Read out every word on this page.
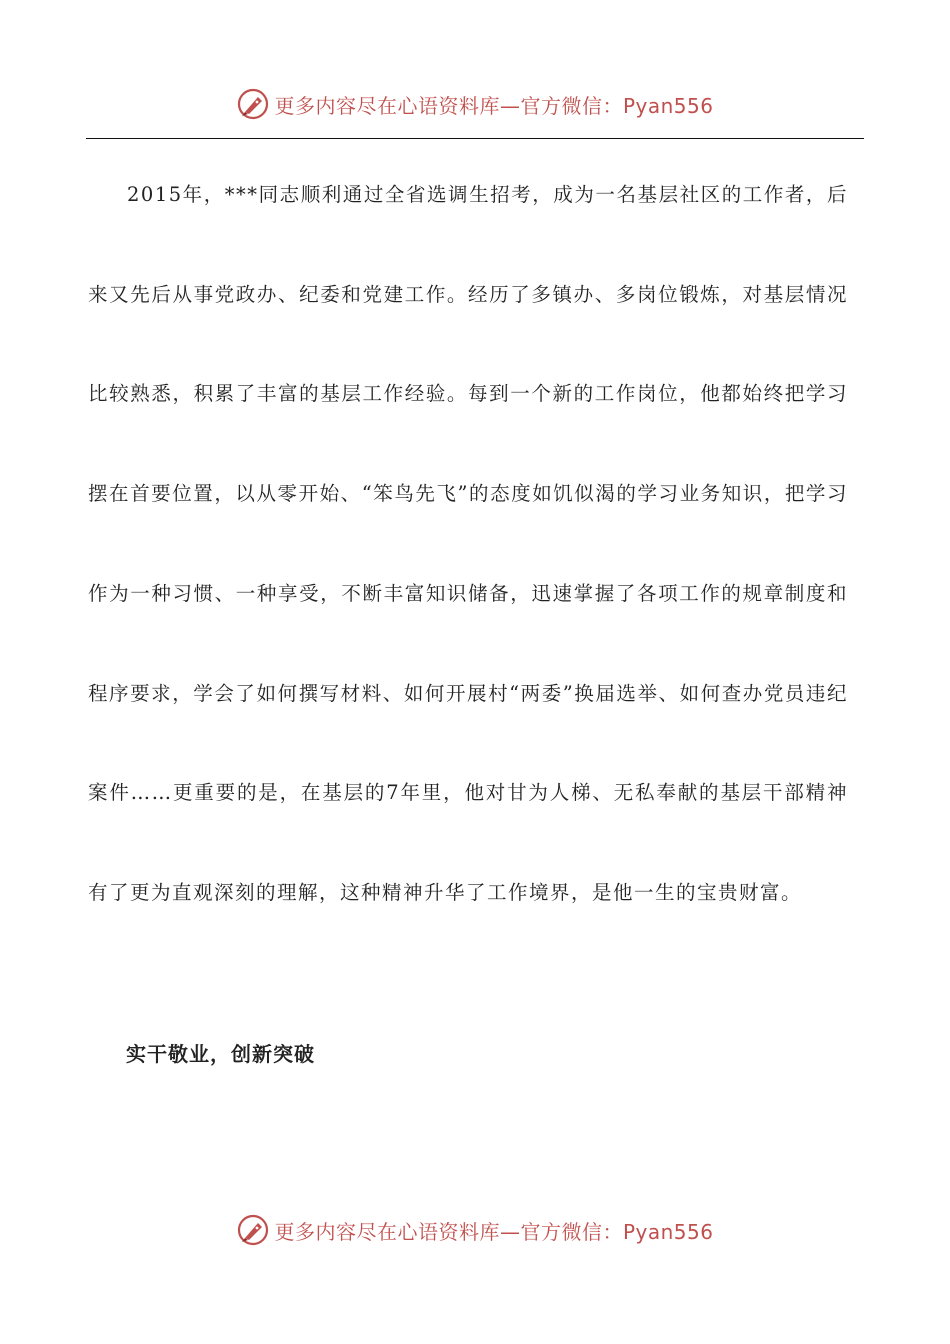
更多内容尽在心语资料库—官方微信：Pyan556

2015年，***同志顺利通过全省选调生招考，成为一名基层社区的工作者，后来又先后从事党政办、纪委和党建工作。经历了多镇办、多岗位锻炼，对基层情况比较熟悉，积累了丰富的基层工作经验。每到一个新的工作岗位，他都始终把学习摆在首要位置，以从零开始、“笨鸟先飞”的态度如饥似渴的学习业务知识，把学习作为一种习惯、一种享受，不断丰富知识储备，迅速掌握了各项工作的规章制度和程序要求，学会了如何撰写材料、如何开展村“两委”换届选举、如何查办党员违纪案件……更重要的是，在基层的7年里，他对甘为人梯、无私奉献的基层干部精神有了更为直观深刻的理解，这种精神升华了工作境界，是他一生的宝贵财富。

实干敬业，创新突破

更多内容尽在心语资料库—官方微信：Pyan556
